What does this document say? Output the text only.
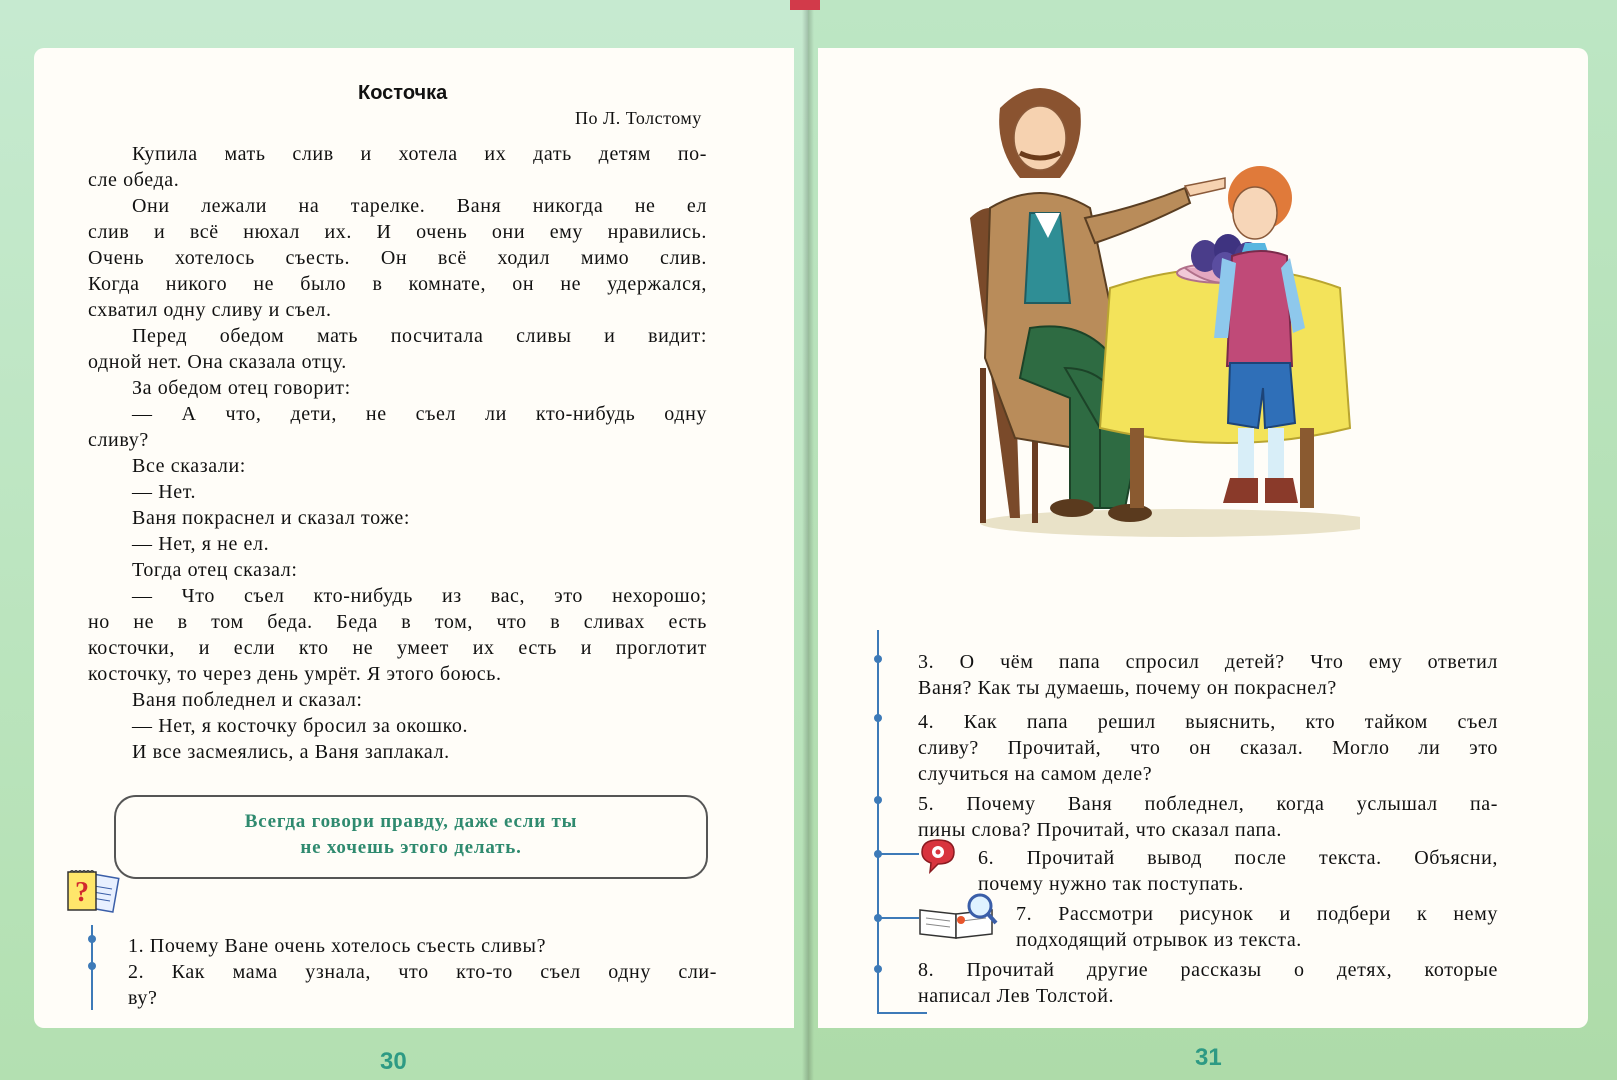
Косточка
По Л. Толстому
Купила мать слив и хотела их дать детям по-
сле обеда.
Они лежали на тарелке. Ваня никогда не ел
слив и всё нюхал их. И очень они ему нравились.
Очень хотелось съесть. Он всё ходил мимо слив.
Когда никого не было в комнате, он не удержался,
схватил одну сливу и съел.
Перед обедом мать посчитала сливы и видит:
одной нет. Она сказала отцу.
За обедом отец говорит:
— А что, дети, не съел ли кто-нибудь одну
сливу?
Все сказали:
— Нет.
Ваня покраснел и сказал тоже:
— Нет, я не ел.
Тогда отец сказал:
— Что съел кто-нибудь из вас, это нехорошо;
но не в том беда. Беда в том, что в сливах есть
косточки, и если кто не умеет их есть и проглотит
косточку, то через день умрёт. Я этого боюсь.
Ваня побледнел и сказал:
— Нет, я косточку бросил за окошко.
И все засмеялись, а Ваня заплакал.
Всегда говори правду, даже если ты
не хочешь этого делать.
?
1. Почему Ване очень хотелось съесть сливы?
2. Как мама узнала, что кто-то съел одну сли-
ву?
30
3. О чём папа спросил детей? Что ему ответил
Ваня? Как ты думаешь, почему он покраснел?
4. Как папа решил выяснить, кто тайком съел
сливу? Прочитай, что он сказал. Могло ли это
случиться на самом деле?
5. Почему Ваня побледнел, когда услышал па-
пины слова? Прочитай, что сказал папа.
6. Прочитай вывод после текста. Объясни,
почему нужно так поступать.
7. Рассмотри рисунок и подбери к нему
подходящий отрывок из текста.
8. Прочитай другие рассказы о детях, которые
написал Лев Толстой.
31
